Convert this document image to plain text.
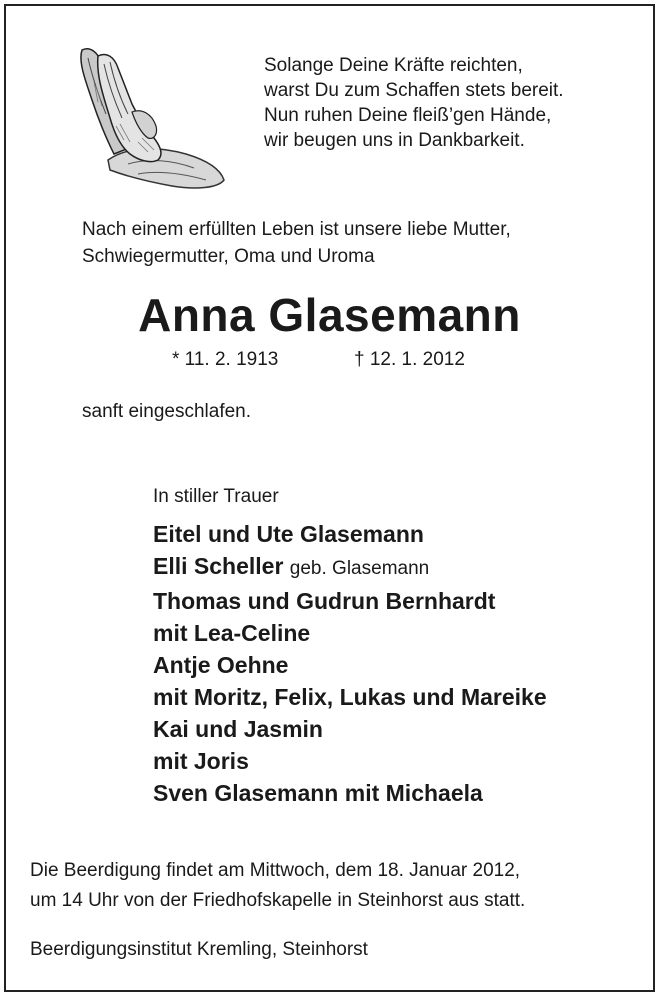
Solange Deine Kräfte reichten,
warst Du zum Schaffen stets bereit.
Nun ruhen Deine fleiß’gen Hände,
wir beugen uns in Dankbarkeit.
Nach einem erfüllten Leben ist unsere liebe Mutter,
Schwiegermutter, Oma und Uroma
Anna Glasemann
* 11. 2. 1913	† 12. 1. 2012
sanft eingeschlafen.
In stiller Trauer
Eitel und Ute Glasemann
Elli Scheller geb. Glasemann
Thomas und Gudrun Bernhardt
mit Lea-Celine
Antje Oehne
mit Moritz, Felix, Lukas und Mareike
Kai und Jasmin
mit Joris
Sven Glasemann mit Michaela
Die Beerdigung findet am Mittwoch, dem 18. Januar 2012,
um 14 Uhr von der Friedhofskapelle in Steinhorst aus statt.
Beerdigungsinstitut Kremling, Steinhorst
